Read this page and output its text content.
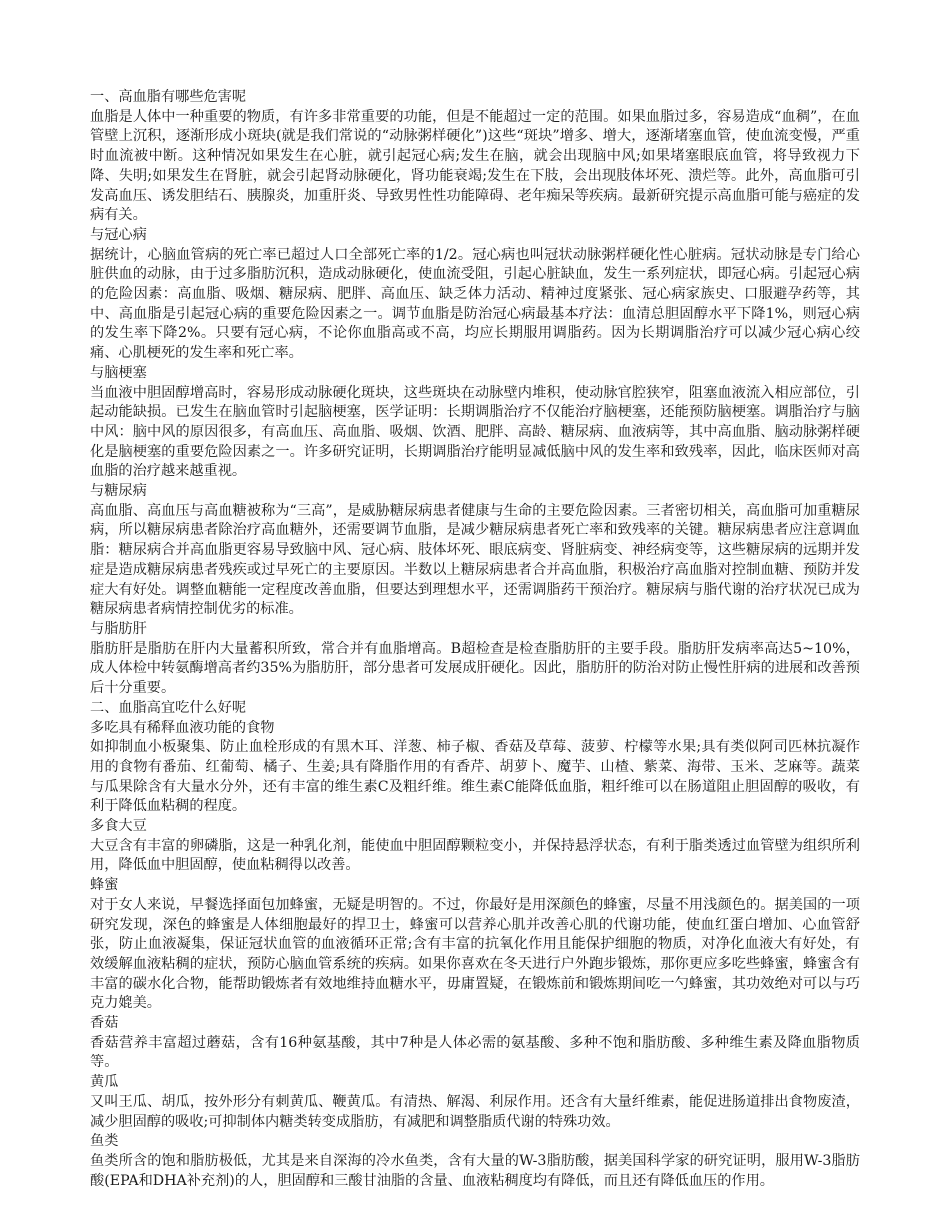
一、高血脂有哪些危害呢
血脂是人体中一种重要的物质，有许多非常重要的功能，但是不能超过一定的范围。如果血脂过多，容易造成“血稠”，在血管壁上沉积，逐渐形成小斑块(就是我们常说的“动脉粥样硬化”)这些“斑块”增多、增大，逐渐堵塞血管，使血流变慢，严重时血流被中断。这种情况如果发生在心脏，就引起冠心病;发生在脑，就会出现脑中风;如果堵塞眼底血管，将导致视力下降、失明;如果发生在肾脏，就会引起肾动脉硬化，肾功能衰竭;发生在下肢，会出现肢体坏死、溃烂等。此外，高血脂可引发高血压、诱发胆结石、胰腺炎，加重肝炎、导致男性性功能障碍、老年痴呆等疾病。最新研究提示高血脂可能与癌症的发病有关。
与冠心病
据统计，心脑血管病的死亡率已超过人口全部死亡率的1/2。冠心病也叫冠状动脉粥样硬化性心脏病。冠状动脉是专门给心脏供血的动脉，由于过多脂肪沉积，造成动脉硬化，使血流受阻，引起心脏缺血，发生一系列症状，即冠心病。引起冠心病的危险因素：高血脂、吸烟、糖尿病、肥胖、高血压、缺乏体力活动、精神过度紧张、冠心病家族史、口服避孕药等，其中、高血脂是引起冠心病的重要危险因素之一。调节血脂是防治冠心病最基本疗法：血清总胆固醇水平下降1%，则冠心病的发生率下降2%。只要有冠心病，不论你血脂高或不高，均应长期服用调脂药。因为长期调脂治疗可以减少冠心病心绞痛、心肌梗死的发生率和死亡率。
与脑梗塞
当血液中胆固醇增高时，容易形成动脉硬化斑块，这些斑块在动脉壁内堆积，使动脉官腔狭窄，阻塞血液流入相应部位，引起动能缺损。已发生在脑血管时引起脑梗塞，医学证明：长期调脂治疗不仅能治疗脑梗塞，还能预防脑梗塞。调脂治疗与脑中风：脑中风的原因很多，有高血压、高血脂、吸烟、饮酒、肥胖、高龄、糖尿病、血液病等，其中高血脂、脑动脉粥样硬化是脑梗塞的重要危险因素之一。许多研究证明，长期调脂治疗能明显减低脑中风的发生率和致残率，因此，临床医师对高血脂的治疗越来越重视。
与糖尿病
高血脂、高血压与高血糖被称为“三高”，是威胁糖尿病患者健康与生命的主要危险因素。三者密切相关，高血脂可加重糖尿病，所以糖尿病患者除治疗高血糖外，还需要调节血脂，是减少糖尿病患者死亡率和致残率的关键。糖尿病患者应注意调血脂：糖尿病合并高血脂更容易导致脑中风、冠心病、肢体坏死、眼底病变、肾脏病变、神经病变等，这些糖尿病的远期并发症是造成糖尿病患者残疾或过早死亡的主要原因。半数以上糖尿病患者合并高血脂，积极治疗高血脂对控制血糖、预防并发症大有好处。调整血糖能一定程度改善血脂，但要达到理想水平，还需调脂药干预治疗。糖尿病与脂代谢的治疗状况已成为糖尿病患者病情控制优劣的标准。
与脂肪肝
脂肪肝是脂肪在肝内大量蓄积所致，常合并有血脂增高。B超检查是检查脂肪肝的主要手段。脂肪肝发病率高达5~10%，成人体检中转氨酶增高者约35%为脂肪肝，部分患者可发展成肝硬化。因此，脂肪肝的防治对防止慢性肝病的进展和改善预后十分重要。
二、血脂高宜吃什么好呢
多吃具有稀释血液功能的食物
如抑制血小板聚集、防止血栓形成的有黑木耳、洋葱、柿子椒、香菇及草莓、菠萝、柠檬等水果;具有类似阿司匹林抗凝作用的食物有番茄、红葡萄、橘子、生姜;具有降脂作用的有香芹、胡萝卜、魔芋、山楂、紫菜、海带、玉米、芝麻等。蔬菜与瓜果除含有大量水分外，还有丰富的维生素C及粗纤维。维生素C能降低血脂，粗纤维可以在肠道阻止胆固醇的吸收，有利于降低血粘稠的程度。
多食大豆
大豆含有丰富的卵磷脂，这是一种乳化剂，能使血中胆固醇颗粒变小，并保持悬浮状态，有利于脂类透过血管壁为组织所利用，降低血中胆固醇，使血粘稠得以改善。
蜂蜜
对于女人来说，早餐选择面包加蜂蜜，无疑是明智的。不过，你最好是用深颜色的蜂蜜，尽量不用浅颜色的。据美国的一项研究发现，深色的蜂蜜是人体细胞最好的捍卫士，蜂蜜可以营养心肌并改善心肌的代谢功能，使血红蛋白增加、心血管舒张，防止血液凝集，保证冠状血管的血液循环正常;含有丰富的抗氧化作用且能保护细胞的物质，对净化血液大有好处，有效缓解血液粘稠的症状，预防心脑血管系统的疾病。如果你喜欢在冬天进行户外跑步锻炼，那你更应多吃些蜂蜜，蜂蜜含有丰富的碳水化合物，能帮助锻炼者有效地维持血糖水平，毋庸置疑，在锻炼前和锻炼期间吃一勺蜂蜜，其功效绝对可以与巧克力媲美。
香菇
香菇营养丰富超过蘑菇，含有16种氨基酸，其中7种是人体必需的氨基酸、多种不饱和脂肪酸、多种维生素及降血脂物质等。
黄瓜
又叫王瓜、胡瓜，按外形分有刺黄瓜、鞭黄瓜。有清热、解渴、利尿作用。还含有大量纤维素，能促进肠道排出食物废渣，减少胆固醇的吸收;可抑制体内糖类转变成脂肪，有减肥和调整脂质代谢的特殊功效。
鱼类
鱼类所含的饱和脂肪极低，尤其是来自深海的冷水鱼类，含有大量的W-3脂肪酸，据美国科学家的研究证明，服用W-3脂肪酸(EPA和DHA补充剂)的人，胆固醇和三酸甘油脂的含量、血液粘稠度均有降低，而且还有降低血压的作用。
